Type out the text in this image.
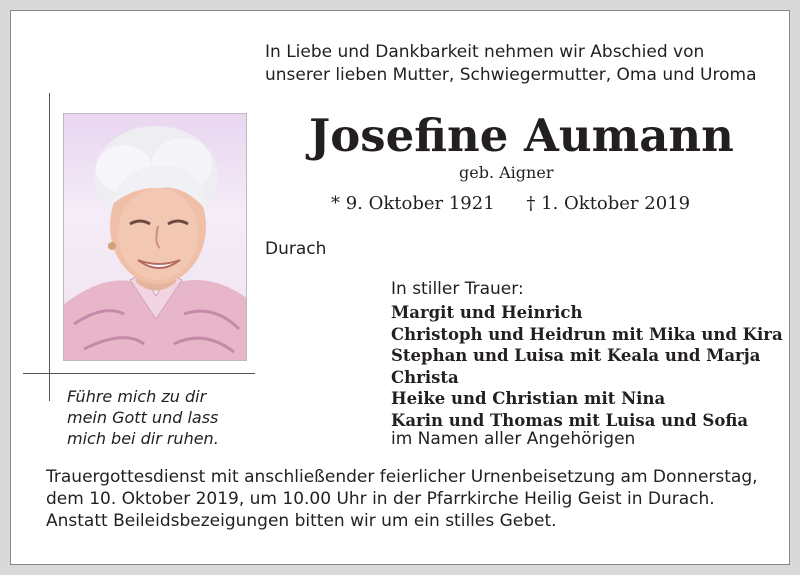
In Liebe und Dankbarkeit nehmen wir Abschied von
unserer lieben Mutter, Schwiegermutter, Oma und Uroma
Josefine Aumann
geb. Aigner
* 9. Oktober 1921 † 1. Oktober 2019
Durach
In stiller Trauer:
Margit und Heinrich
Christoph und Heidrun mit Mika und Kira
Stephan und Luisa mit Keala und Marja
Christa
Heike und Christian mit Nina
Karin und Thomas mit Luisa und Sofia
im Namen aller Angehörigen
Führe mich zu dir
mein Gott und lass
mich bei dir ruhen.
Trauergottesdienst mit anschließender feierlicher Urnenbeisetzung am Donnerstag,
dem 10. Oktober 2019, um 10.00 Uhr in der Pfarrkirche Heilig Geist in Durach.
Anstatt Beileidsbezeigungen bitten wir um ein stilles Gebet.
